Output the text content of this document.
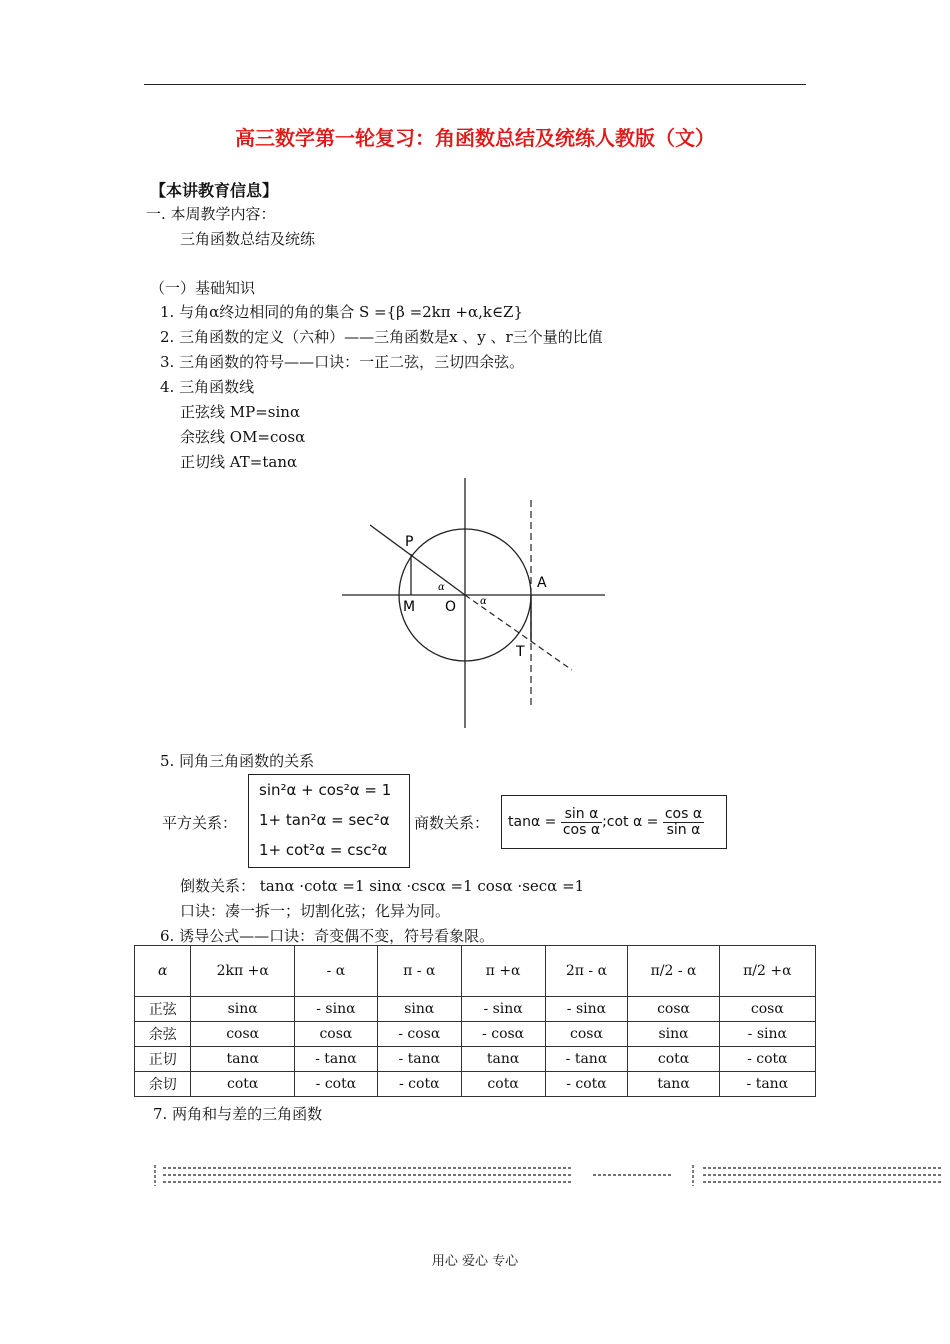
高三数学第一轮复习：角函数总结及统练人教版（文）
【本讲教育信息】
一. 本周教学内容：
三角函数总结及统练
（一）基础知识
1. 与角α终边相同的角的集合 S ={β =2kπ +α,k∈Z}
2. 三角函数的定义（六种）——三角函数是x 、y 、r三个量的比值
3. 三角函数的符号——口诀：一正二弦，三切四余弦。
4. 三角函数线
正弦线 MP=sinα
余弦线 OM=cosα
正切线 AT=tanα
P
M O
A
T
α
α
5. 同角三角函数的关系
平方关系：
sin²α + cos²α = 1
1+ tan²α = sec²α
1+ cot²α = csc²α
商数关系： $\tan\alpha = \frac{\text{sin α}}{\text{cos α}}$ ;cot $\alpha = \frac{\text{cos α}}{\text{sin α}}$
倒数关系： tanα ·cotα =1 sinα ·cscα =1 cosα ·secα =1
口诀：凑一拆一；切割化弦；化异为同。
6. 诱导公式——口诀：奇变偶不变，符号看象限。
α	2kπ +α	- α	π - α	π +α	2π - α	π/2 - α	π/2 +α
正弦	sinα	- sinα	sinα	- sinα	- sinα	cosα	cosα
余弦	cosα	cosα	- cosα	- cosα	cosα	sinα	- sinα
正切	tanα	- tanα	- tanα	tanα	- tanα	cotα	- cotα
余切	cotα	- cotα	- cotα	cotα	- cotα	tanα	- tanα
7. 两角和与差的三角函数
用心 爱心 专心
